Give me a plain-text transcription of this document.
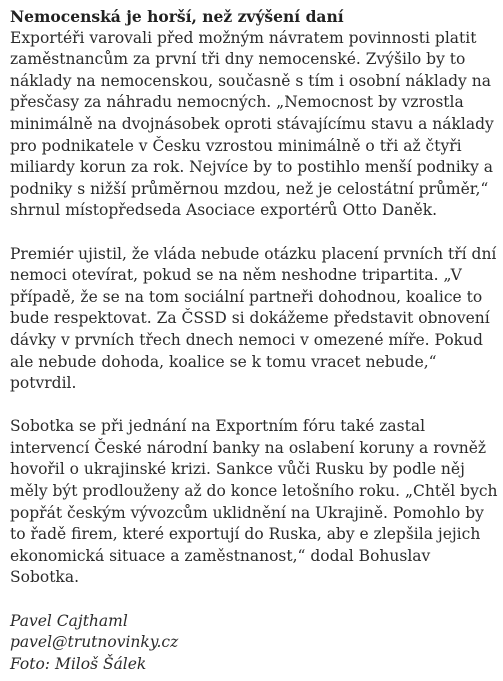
Nemocenská je horší, než zvýšení daní

Exportéři varovali před možným návratem povinnosti platit zaměstnancům za první tři dny nemocenské. Zvýšilo by to náklady na nemocenskou, současně s tím i osobní náklady na přesčasy za náhradu nemocných. „Nemocnost by vzrostla minimálně na dvojnásobek oproti stávajícímu stavu a náklady pro podnikatele v Česku vzrostou minimálně o tři až čtyři miliardy korun za rok. Nejvíce by to postihlo menší podniky a podniky s nižší průměrnou mzdou, než je celostátní průměr,“ shrnul místopředseda Asociace exportérů Otto Daněk.

Premiér ujistil, že vláda nebude otázku placení prvních tří dní nemoci otevírat, pokud se na něm neshodne tripartita. „V případě, že se na tom sociální partneři dohodnou, koalice to bude respektovat. Za ČSSD si dokážeme představit obnovení dávky v prvních třech dnech nemoci v omezené míře. Pokud ale nebude dohoda, koalice se k tomu vracet nebude,“ potvrdil.

Sobotka se při jednání na Exportním fóru také zastal intervencí České národní banky na oslabení koruny a rovněž hovořil o ukrajinské krizi. Sankce vůči Rusku by podle něj měly být prodlouženy až do konce letošního roku. „Chtěl bych popřát českým vývozcům uklidnění na Ukrajině. Pomohlo by to řadě firem, které exportují do Ruska, aby e zlepšila jejich ekonomická situace a zaměstnanost,“ dodal Bohuslav Sobotka.

Pavel Cajthaml

pavel@trutnovinky.cz

Foto: Miloš Šálek
